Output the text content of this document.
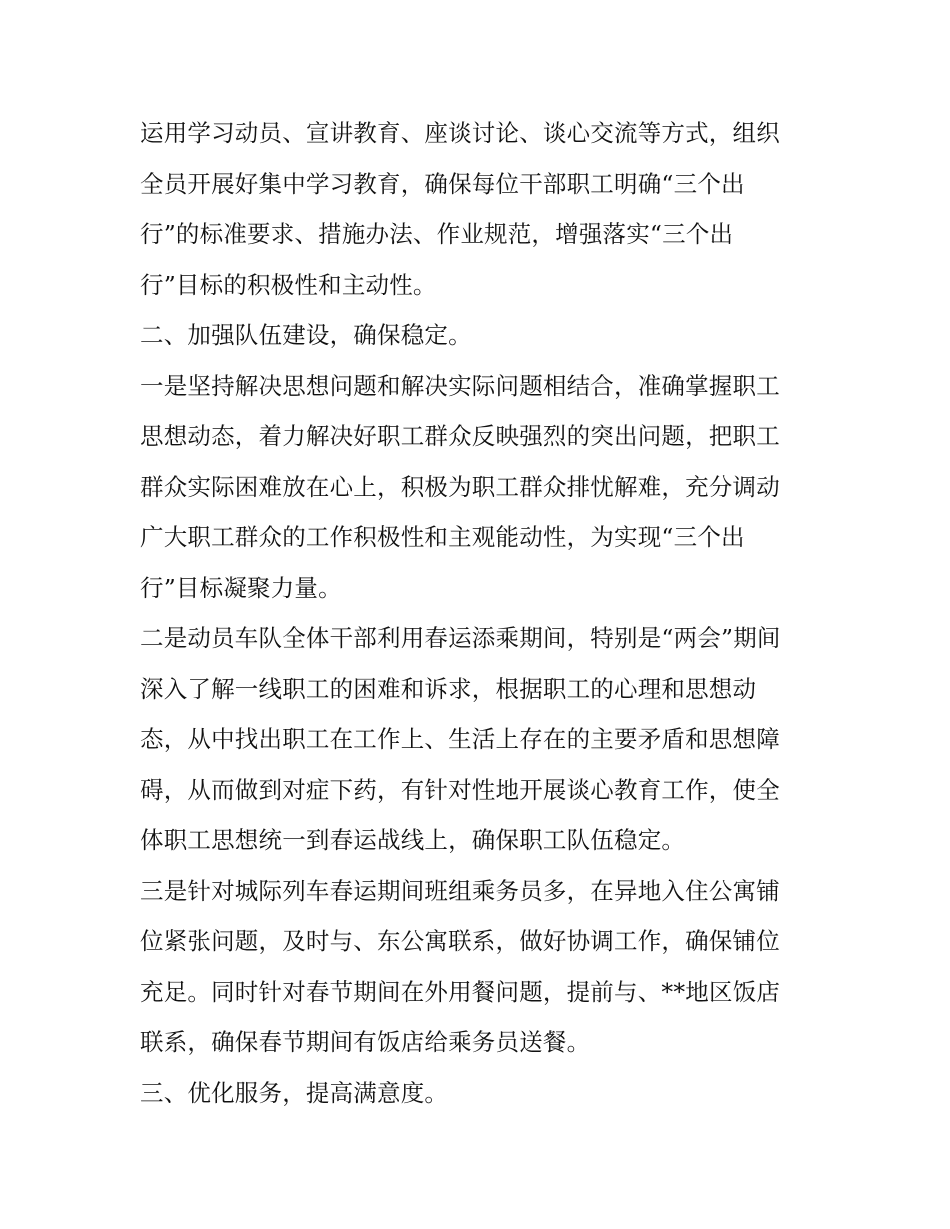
运用学习动员、宣讲教育、座谈讨论、谈心交流等方式，组织
全员开展好集中学习教育，确保每位干部职工明确“三个出
行”的标准要求、措施办法、作业规范，增强落实“三个出
行”目标的积极性和主动性。
二、加强队伍建设，确保稳定。
一是坚持解决思想问题和解决实际问题相结合，准确掌握职工
思想动态，着力解决好职工群众反映强烈的突出问题，把职工
群众实际困难放在心上，积极为职工群众排忧解难，充分调动
广大职工群众的工作积极性和主观能动性，为实现“三个出
行”目标凝聚力量。
二是动员车队全体干部利用春运添乘期间，特别是“两会”期间
深入了解一线职工的困难和诉求，根据职工的心理和思想动
态，从中找出职工在工作上、生活上存在的主要矛盾和思想障
碍，从而做到对症下药，有针对性地开展谈心教育工作，使全
体职工思想统一到春运战线上，确保职工队伍稳定。
三是针对城际列车春运期间班组乘务员多，在异地入住公寓铺
位紧张问题，及时与、东公寓联系，做好协调工作，确保铺位
充足。同时针对春节期间在外用餐问题，提前与、**地区饭店
联系，确保春节期间有饭店给乘务员送餐。
三、优化服务，提高满意度。
